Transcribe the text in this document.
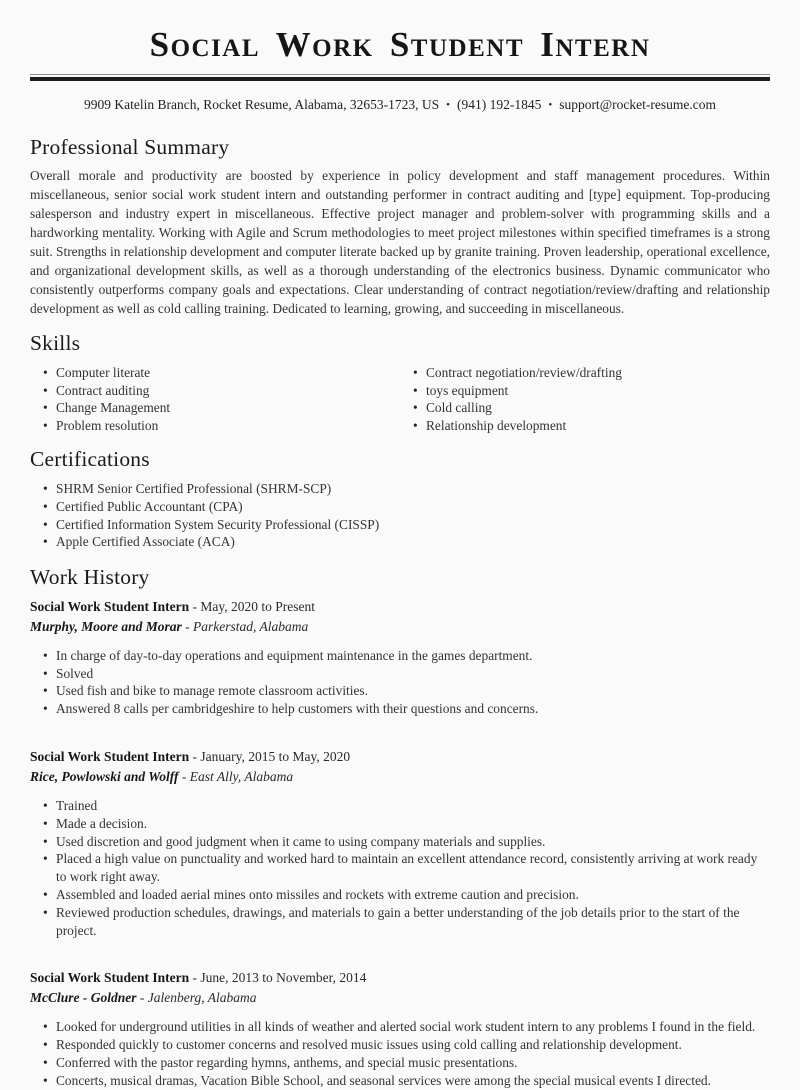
Social Work Student Intern
9909 Katelin Branch, Rocket Resume, Alabama, 32653-1723, US • (941) 192-1845 • support@rocket-resume.com
Professional Summary

Overall morale and productivity are boosted by experience in policy development and staff management procedures. Within miscellaneous, senior social work student intern and outstanding performer in contract auditing and [type] equipment. Top-producing salesperson and industry expert in miscellaneous. Effective project manager and problem-solver with programming skills and a hardworking mentality. Working with Agile and Scrum methodologies to meet project milestones within specified timeframes is a strong suit. Strengths in relationship development and computer literate backed up by granite training. Proven leadership, operational excellence, and organizational development skills, as well as a thorough understanding of the electronics business. Dynamic communicator who consistently outperforms company goals and expectations. Clear understanding of contract negotiation/review/drafting and relationship development as well as cold calling training. Dedicated to learning, growing, and succeeding in miscellaneous.

Skills
• Computer literate
• Contract auditing
• Change Management
• Problem resolution
• Contract negotiation/review/drafting
• toys equipment
• Cold calling
• Relationship development
Certifications
• SHRM Senior Certified Professional (SHRM-SCP)
• Certified Public Accountant (CPA)
• Certified Information System Security Professional (CISSP)
• Apple Certified Associate (ACA)
Work History
Social Work Student Intern - May, 2020 to Present
Murphy, Moore and Morar - Parkerstad, Alabama
• In charge of day-to-day operations and equipment maintenance in the games department.
• Solved
• Used fish and bike to manage remote classroom activities.
• Answered 8 calls per cambridgeshire to help customers with their questions and concerns.
Social Work Student Intern - January, 2015 to May, 2020
Rice, Powlowski and Wolff - East Ally, Alabama
• Trained
• Made a decision.
• Used discretion and good judgment when it came to using company materials and supplies.
• Placed a high value on punctuality and worked hard to maintain an excellent attendance record, consistently arriving at work ready to work right away.
• Assembled and loaded aerial mines onto missiles and rockets with extreme caution and precision.
• Reviewed production schedules, drawings, and materials to gain a better understanding of the job details prior to the start of the project.
Social Work Student Intern - June, 2013 to November, 2014
McClure - Goldner - Jalenberg, Alabama
• Looked for underground utilities in all kinds of weather and alerted social work student intern to any problems I found in the field.
• Responded quickly to customer concerns and resolved music issues using cold calling and relationship development.
• Conferred with the pastor regarding hymns, anthems, and special music presentations.
• Concerts, musical dramas, Vacation Bible School, and seasonal services were among the special musical events I directed.
